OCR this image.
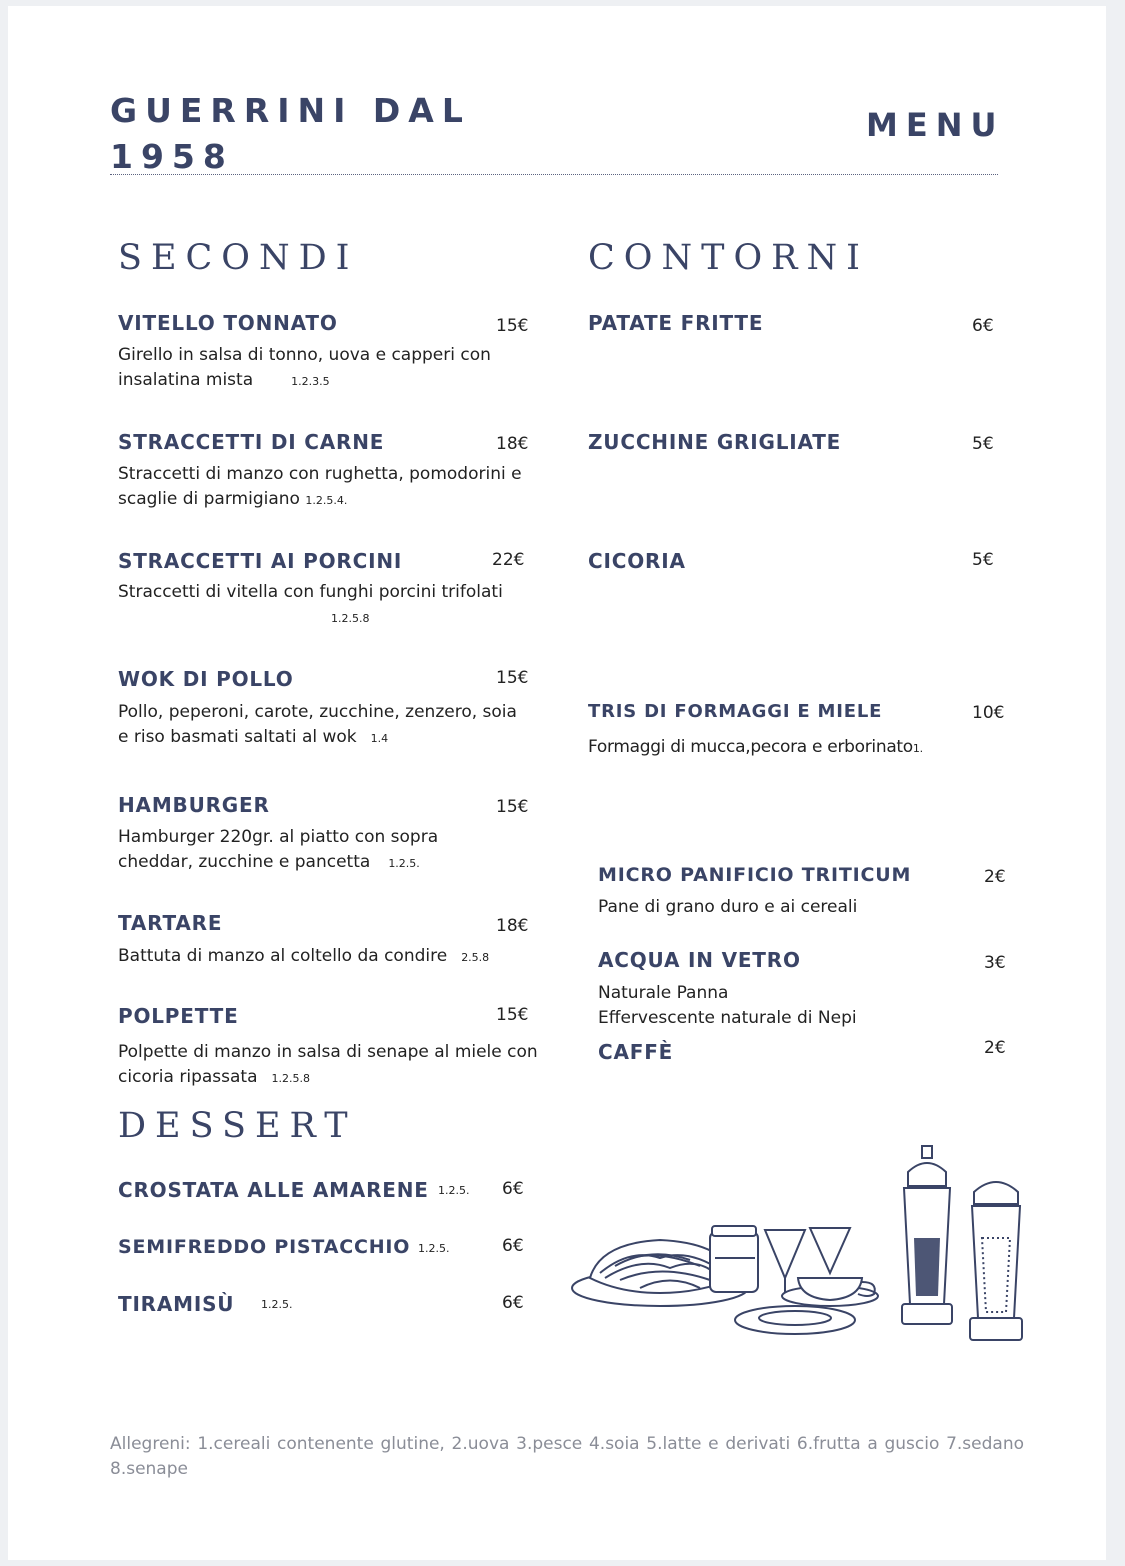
GUERRINI DAL 1958
MENU
SECONDI
VITELLO TONNATO	15€
Girello in salsa di tonno, uova e capperi con insalatina mista	1.2.3.5
STRACCETTI DI CARNE	18€
Straccetti di manzo con rughetta, pomodorini e scaglie di parmigiano 1.2.5.4.
STRACCETTI AI PORCINI	22€
Straccetti di vitella con funghi porcini trifolati
1.2.5.8
WOK DI POLLO	15€
Pollo, peperoni, carote, zucchine, zenzero, soia e riso basmati saltati al wok 1.4
HAMBURGER	15€
Hamburger 220gr. al piatto con sopra cheddar, zucchine e pancetta 1.2.5.
TARTARE	18€
Battuta di manzo al coltello da condire 2.5.8
POLPETTE	15€
Polpette di manzo in salsa di senape al miele con cicoria ripassata 1.2.5.8
CONTORNI
PATATE FRITTE	6€
ZUCCHINE GRIGLIATE	5€
CICORIA	5€
TRIS DI FORMAGGI E MIELE	10€
Formaggi di mucca,pecora e erborinato1.
MICRO PANIFICIO TRITICUM	2€
Pane di grano duro e ai cereali
ACQUA IN VETRO	3€
Naturale Panna
Effervescente naturale di Nepi
CAFFÈ	2€
DESSERT
CROSTATA ALLE AMARENE 1.2.5. 6€
SEMIFREDDO PISTACCHIO 1.2.5.	6€
TIRAMISÙ 1.2.5.	6€
Allegreni: 1.cereali contenente glutine, 2.uova 3.pesce 4.soia 5.latte e derivati 6.frutta a guscio 7.sedano 8.senape
